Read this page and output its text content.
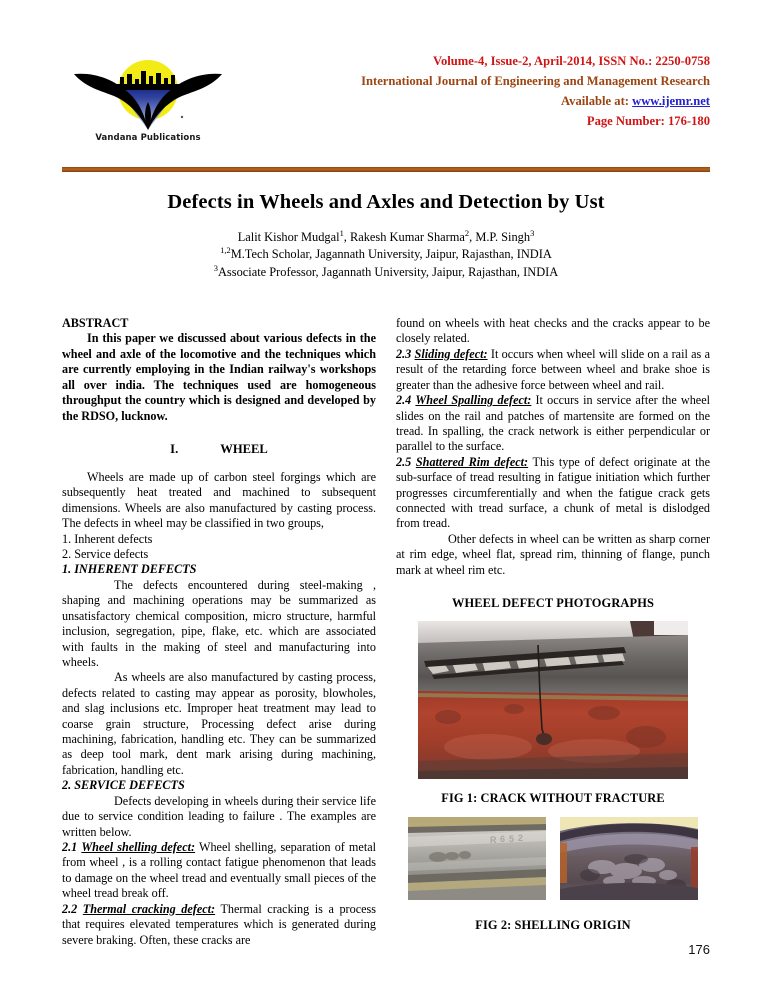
Vandana Publications
Volume-4, Issue-2, April-2014, ISSN No.: 2250-0758
International Journal of Engineering and Management Research
Available at: www.ijemr.net
Page Number: 176-180
Defects in Wheels and Axles and Detection by Ust
Lalit Kishor Mudgal$^1$, Rakesh Kumar Sharma$^2$, M.P. Singh$^3$
$^{1,2}$M.Tech Scholar, Jagannath University, Jaipur, Rajasthan, INDIA
$^3$Associate Professor, Jagannath University, Jaipur, Rajasthan, INDIA

ABSTRACT

In this paper we discussed about various defects in the wheel and axle of the locomotive and the techniques which are currently employing in the Indian railway's workshops all over india. The techniques used are homogeneous throughput the country which is designed and developed by the RDSO, lucknow.

I.	WHEEL

Wheels are made up of carbon steel forgings which are subsequently heat treated and machined to subsequent dimensions. Wheels are also manufactured by casting process. The defects in wheel may be classified in two groups,

1. Inherent defects

2. Service defects

1. INHERENT DEFECTS

The defects encountered during steel-making , shaping and machining operations may be summarized as unsatisfactory chemical composition, micro structure, harmful inclusion, segregation, pipe, flake, etc. which are associated with faults in the making of steel and manufacturing into wheels.

As wheels are also manufactured by casting process, defects related to casting may appear as porosity, blowholes, and slag inclusions etc. Improper heat treatment may lead to coarse grain structure, Processing defect arise during machining, fabrication, handling etc. They can be summarized as deep tool mark, dent mark arising during machining, fabrication, handling etc.

2. SERVICE DEFECTS

Defects developing in wheels during their service life due to service condition leading to failure . The examples are written below.

2.1 Wheel shelling defect: Wheel shelling, separation of metal from wheel , is a rolling contact fatigue phenomenon that leads to damage on the wheel tread and eventually small pieces of the wheel tread break off.

2.2 Thermal cracking defect: Thermal cracking is a process that requires elevated temperatures which is generated during severe braking. Often, these cracks are

found on wheels with heat checks and the cracks appear to be closely related.

2.3 Sliding defect: It occurs when wheel will slide on a rail as a result of the retarding force between wheel and brake shoe is greater than the adhesive force between wheel and rail.

2.4 Wheel Spalling defect: It occurs in service after the wheel slides on the rail and patches of martensite are formed on the tread. In spalling, the crack network is either perpendicular or parallel to the surface.

2.5 Shattered Rim defect: This type of defect originate at the sub-surface of tread resulting in fatigue initiation which further progresses circumferentially and when the fatigue crack gets connected with tread surface, a chunk of metal is dislodged from tread.

Other defects in wheel can be written as sharp corner at rim edge, wheel flat, spread rim, thinning of flange, punch mark at wheel rim etc.

WHEEL DEFECT PHOTOGRAPHS
FIG 1: CRACK WITHOUT FRACTURE
R 6 5 2
FIG 2: SHELLING ORIGIN
176
